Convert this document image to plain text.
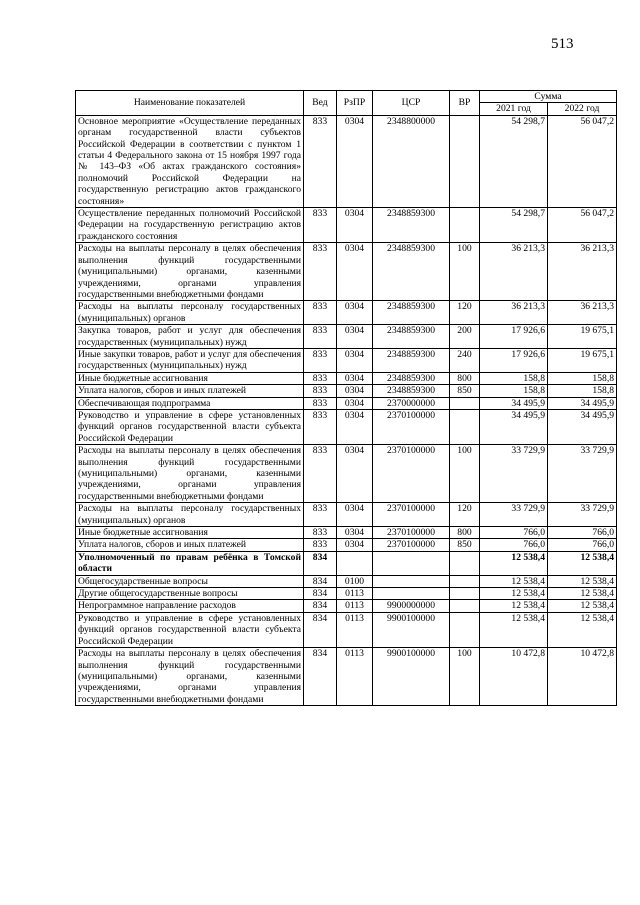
513
Наименование показателей	Вед	РзПР	ЦСР	ВР	Сумма	
					2021 год	2022 год
Основное мероприятие «Осуществление переданных органам государственной власти субъектов Российской Федерации в соответствии с пунктом 1 статьи 4 Федерального закона от 15 ноября 1997 года № 143–ФЗ «Об актах гражданского состояния» полномочий Российской Федерации на государственную регистрацию актов гражданского состояния»	833	0304	2348800000		54 298,7	56 047,2
Осуществление переданных полномочий Российской Федерации на государственную регистрацию актов гражданского состояния	833	0304	2348859300		54 298,7	56 047,2
Расходы на выплаты персоналу в целях обеспечения выполнения функций государственными (муниципальными) органами, казенными учреждениями, органами управления государственными внебюджетными фондами	833	0304	2348859300	100	36 213,3	36 213,3
Расходы на выплаты персоналу государственных (муниципальных) органов	833	0304	2348859300	120	36 213,3	36 213,3
Закупка товаров, работ и услуг для обеспечения государственных (муниципальных) нужд	833	0304	2348859300	200	17 926,6	19 675,1
Иные закупки товаров, работ и услуг для обеспечения государственных (муниципальных) нужд	833	0304	2348859300	240	17 926,6	19 675,1
Иные бюджетные ассигнования	833	0304	2348859300	800	158,8	158,8
Уплата налогов, сборов и иных платежей	833	0304	2348859300	850	158,8	158,8
Обеспечивающая подпрограмма	833	0304	2370000000		34 495,9	34 495,9
Руководство и управление в сфере установленных функций органов государственной власти субъекта Российской Федерации	833	0304	2370100000		34 495,9	34 495,9
Расходы на выплаты персоналу в целях обеспечения выполнения функций государственными (муниципальными) органами, казенными учреждениями, органами управления государственными внебюджетными фондами	833	0304	2370100000	100	33 729,9	33 729,9
Расходы на выплаты персоналу государственных (муниципальных) органов	833	0304	2370100000	120	33 729,9	33 729,9
Иные бюджетные ассигнования	833	0304	2370100000	800	766,0	766,0
Уплата налогов, сборов и иных платежей	833	0304	2370100000	850	766,0	766,0
Уполномоченный по правам ребёнка в Томской области	834				12 538,4	12 538,4
Общегосударственные вопросы	834	0100			12 538,4	12 538,4
Другие общегосударственные вопросы	834	0113			12 538,4	12 538,4
Непрограммное направление расходов	834	0113	9900000000		12 538,4	12 538,4
Руководство и управление в сфере установленных функций органов государственной власти субъекта Российской Федерации	834	0113	9900100000		12 538,4	12 538,4
Расходы на выплаты персоналу в целях обеспечения выполнения функций государственными (муниципальными) органами, казенными учреждениями, органами управления государственными внебюджетными фондами	834	0113	9900100000	100	10 472,8	10 472,8
